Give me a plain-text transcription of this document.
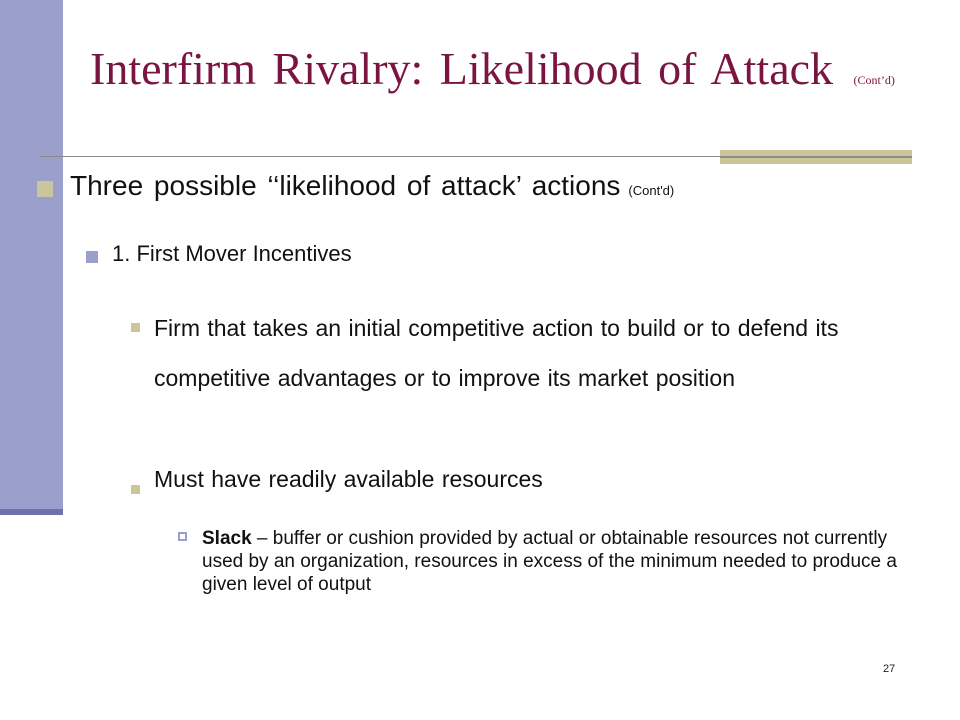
Interfirm Rivalry: Likelihood of Attack (Cont’d)

Three possible ‘‘likelihood of attack’ actions (Cont'd)

1. First Mover Incentives

Firm that takes an initial competitive action to build or to defend its competitive advantages or to improve its market position

Must have readily available resources

Slack – buffer or cushion provided by actual or obtainable resources not currently used by an organization, resources in excess of the minimum needed to produce a given level of output

27
